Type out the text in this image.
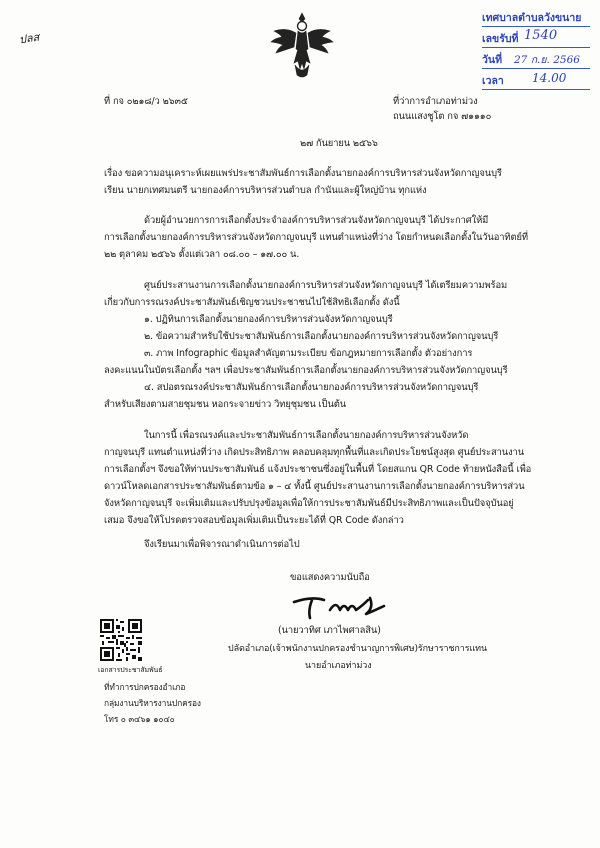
ปลส
เทศบาลตำบลวังขนาย
เลขรับที่ 1540
วันที่ 27 ก.ย. 2566
เวลา 14.00
ที่ กจ ๐๒๑๘/ว ๒๖๓๕	ที่ว่าการอำเภอท่าม่วง
ถนนแสงชูโต กจ ๗๑๑๑๐
๒๗ กันยายน ๒๕๖๖
เรื่อง ขอความอนุเคราะห์เผยแพร่ประชาสัมพันธ์การเลือกตั้งนายกองค์การบริหารส่วนจังหวัดกาญจนบุรี
เรียน นายกเทศมนตรี นายกองค์การบริหารส่วนตำบล กำนันและผู้ใหญ่บ้าน ทุกแห่ง
ด้วยผู้อำนวยการการเลือกตั้งประจำองค์การบริหารส่วนจังหวัดกาญจนบุรี ได้ประกาศให้มี
การเลือกตั้งนายกองค์การบริหารส่วนจังหวัดกาญจนบุรี แทนตำแหน่งที่ว่าง โดยกำหนดเลือกตั้งในวันอาทิตย์ที่
๒๒ ตุลาคม ๒๕๖๖ ตั้งแต่เวลา ๐๘.๐๐ – ๑๗.๐๐ น.
ศูนย์ประสานงานการเลือกตั้งนายกองค์การบริหารส่วนจังหวัดกาญจนบุรี ได้เตรียมความพร้อม
เกี่ยวกับการรณรงค์ประชาสัมพันธ์เชิญชวนประชาชนไปใช้สิทธิเลือกตั้ง ดังนี้
๑. ปฏิทินการเลือกตั้งนายกองค์การบริหารส่วนจังหวัดกาญจนบุรี
๒. ข้อความสำหรับใช้ประชาสัมพันธ์การเลือกตั้งนายกองค์การบริหารส่วนจังหวัดกาญจนบุรี
๓. ภาพ Infographic ข้อมูลสำคัญตามระเบียบ ข้อกฎหมายการเลือกตั้ง ตัวอย่างการ
ลงคะแนนในบัตรเลือกตั้ง ฯลฯ เพื่อประชาสัมพันธ์การเลือกตั้งนายกองค์การบริหารส่วนจังหวัดกาญจนบุรี
๔. สปอตรณรงค์ประชาสัมพันธ์การเลือกตั้งนายกองค์การบริหารส่วนจังหวัดกาญจนบุรี
สำหรับเสียงตามสายชุมชน หอกระจายข่าว วิทยุชุมชน เป็นต้น
ในการนี้ เพื่อรณรงค์และประชาสัมพันธ์การเลือกตั้งนายกองค์การบริหารส่วนจังหวัด
กาญจนบุรี แทนตำแหน่งที่ว่าง เกิดประสิทธิภาพ คลอบคลุมทุกพื้นที่และเกิดประโยชน์สูงสุด ศูนย์ประสานงาน
การเลือกตั้งฯ จึงขอให้ท่านประชาสัมพันธ์ แจ้งประชาชนซึ่งอยู่ในพื้นที่ โดยสแกน QR Code ท้ายหนังสือนี้ เพื่อ
ดาวน์โหลดเอกสารประชาสัมพันธ์ตามข้อ ๑ – ๔ ทั้งนี้ ศูนย์ประสานงานการเลือกตั้งนายกองค์การบริหารส่วน
จังหวัดกาญจนบุรี จะเพิ่มเติมและปรับปรุงข้อมูลเพื่อให้การประชาสัมพันธ์มีประสิทธิภาพและเป็นปัจจุบันอยู่
เสมอ จึงขอให้โปรดตรวจสอบข้อมูลเพิ่มเติมเป็นระยะได้ที่ QR Code ดังกล่าว
จึงเรียนมาเพื่อพิจารณาดำเนินการต่อไป
ขอแสดงความนับถือ
(นายวาทิศ เภาไพศาลสิน)
ปลัดอำเภอ(เจ้าพนักงานปกครองชำนาญการพิเศษ)รักษาราชการแทน
นายอำเภอท่าม่วง
เอกสารประชาสัมพันธ์
ที่ทำการปกครองอำเภอ
กลุ่มงานบริหารงานปกครอง
โทร ๐ ๓๔๖๑ ๑๐๔๐
